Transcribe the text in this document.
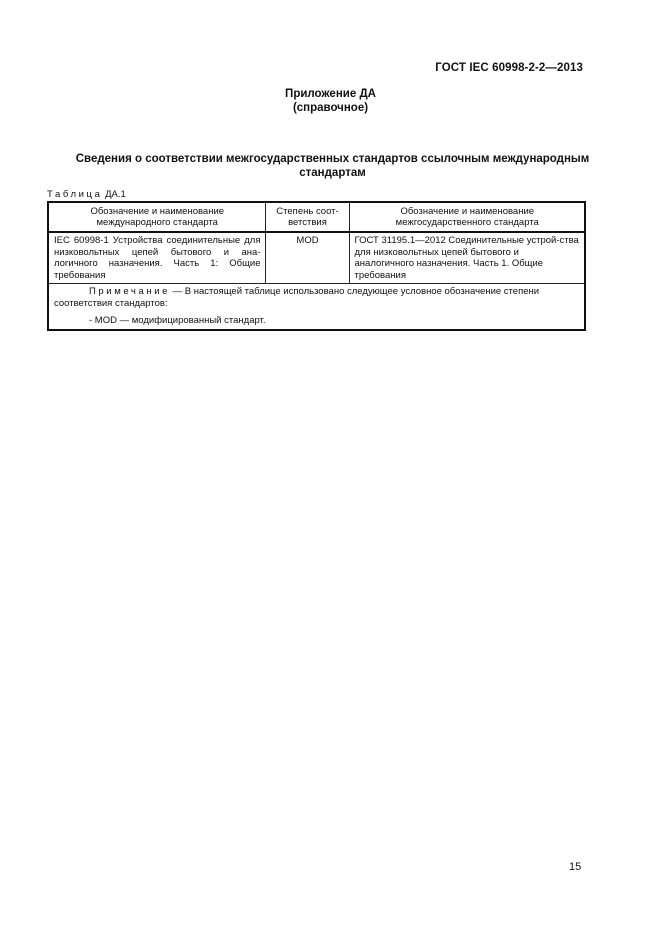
ГОСТ IEC 60998-2-2—2013
Приложение ДА
(справочное)
Сведения о соответствии межгосударственных стандартов ссылочным международным стандартам
Таблица ДА.1
Обозначение и наименование международного стандарта	Степень соот-ветствия	Обозначение и наименование межгосударственного стандарта
IEC 60998-1 Устройства соединительные для низковольтных цепей бытового и ана-логичного назначения. Часть 1: Общие требования	MOD	ГОСТ 31195.1—2012 Соединительные устрой-ства для низковольтных цепей бытового и аналогичного назначения. Часть 1. Общие требования

Примечание — В настоящей таблице использовано следующее условное обозначение степени соответствия стандартов:
- MOD — модифицированный стандарт.		
15
